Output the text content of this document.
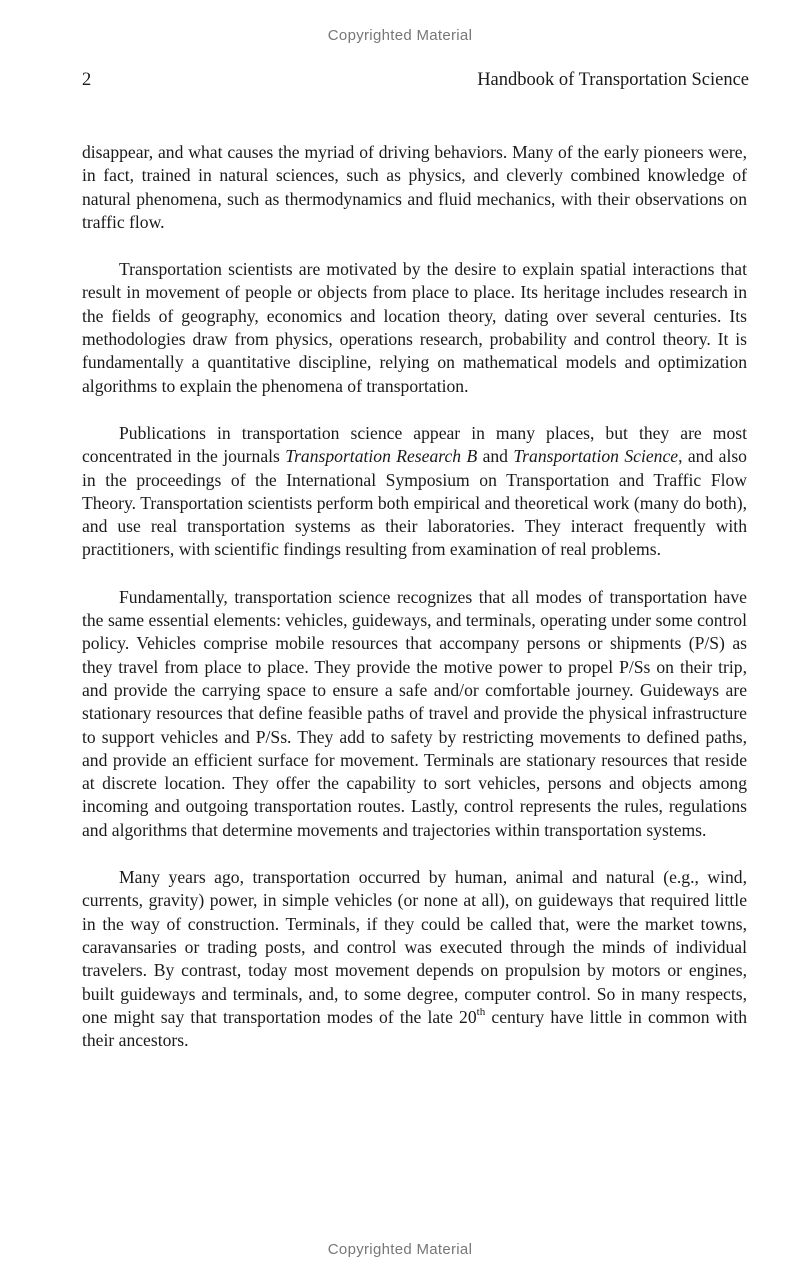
Copyrighted Material
2	Handbook of Transportation Science

disappear, and what causes the myriad of driving behaviors. Many of the early pioneers were, in fact, trained in natural sciences, such as physics, and cleverly combined knowledge of natural phenomena, such as thermodynamics and fluid mechanics, with their observations on traffic flow.

Transportation scientists are motivated by the desire to explain spatial interactions that result in movement of people or objects from place to place. Its heritage includes research in the fields of geography, economics and location theory, dating over several centuries. Its methodologies draw from physics, operations research, probability and control theory. It is fundamentally a quantitative discipline, relying on mathematical models and optimization algorithms to explain the phenomena of transportation.

Publications in transportation science appear in many places, but they are most concentrated in the journals Transportation Research B and Transportation Science, and also in the proceedings of the International Symposium on Transportation and Traffic Flow Theory. Transportation scientists perform both empirical and theoretical work (many do both), and use real transportation systems as their laboratories. They interact frequently with practitioners, with scientific findings resulting from examination of real problems.

Fundamentally, transportation science recognizes that all modes of transportation have the same essential elements: vehicles, guideways, and terminals, operating under some control policy. Vehicles comprise mobile resources that accompany persons or shipments (P/S) as they travel from place to place. They provide the motive power to propel P/Ss on their trip, and provide the carrying space to ensure a safe and/or comfortable journey. Guideways are stationary resources that define feasible paths of travel and provide the physical infrastructure to support vehicles and P/Ss. They add to safety by restricting movements to defined paths, and provide an efficient surface for movement. Terminals are stationary resources that reside at discrete location. They offer the capability to sort vehicles, persons and objects among incoming and outgoing transportation routes. Lastly, control represents the rules, regulations and algorithms that determine movements and trajectories within transportation systems.

Many years ago, transportation occurred by human, animal and natural (e.g., wind, currents, gravity) power, in simple vehicles (or none at all), on guideways that required little in the way of construction. Terminals, if they could be called that, were the market towns, caravansaries or trading posts, and control was executed through the minds of individual travelers. By contrast, today most movement depends on propulsion by motors or engines, built guideways and terminals, and, to some degree, computer control. So in many respects, one might say that transportation modes of the late 20th century have little in common with their ancestors.

Copyrighted Material
